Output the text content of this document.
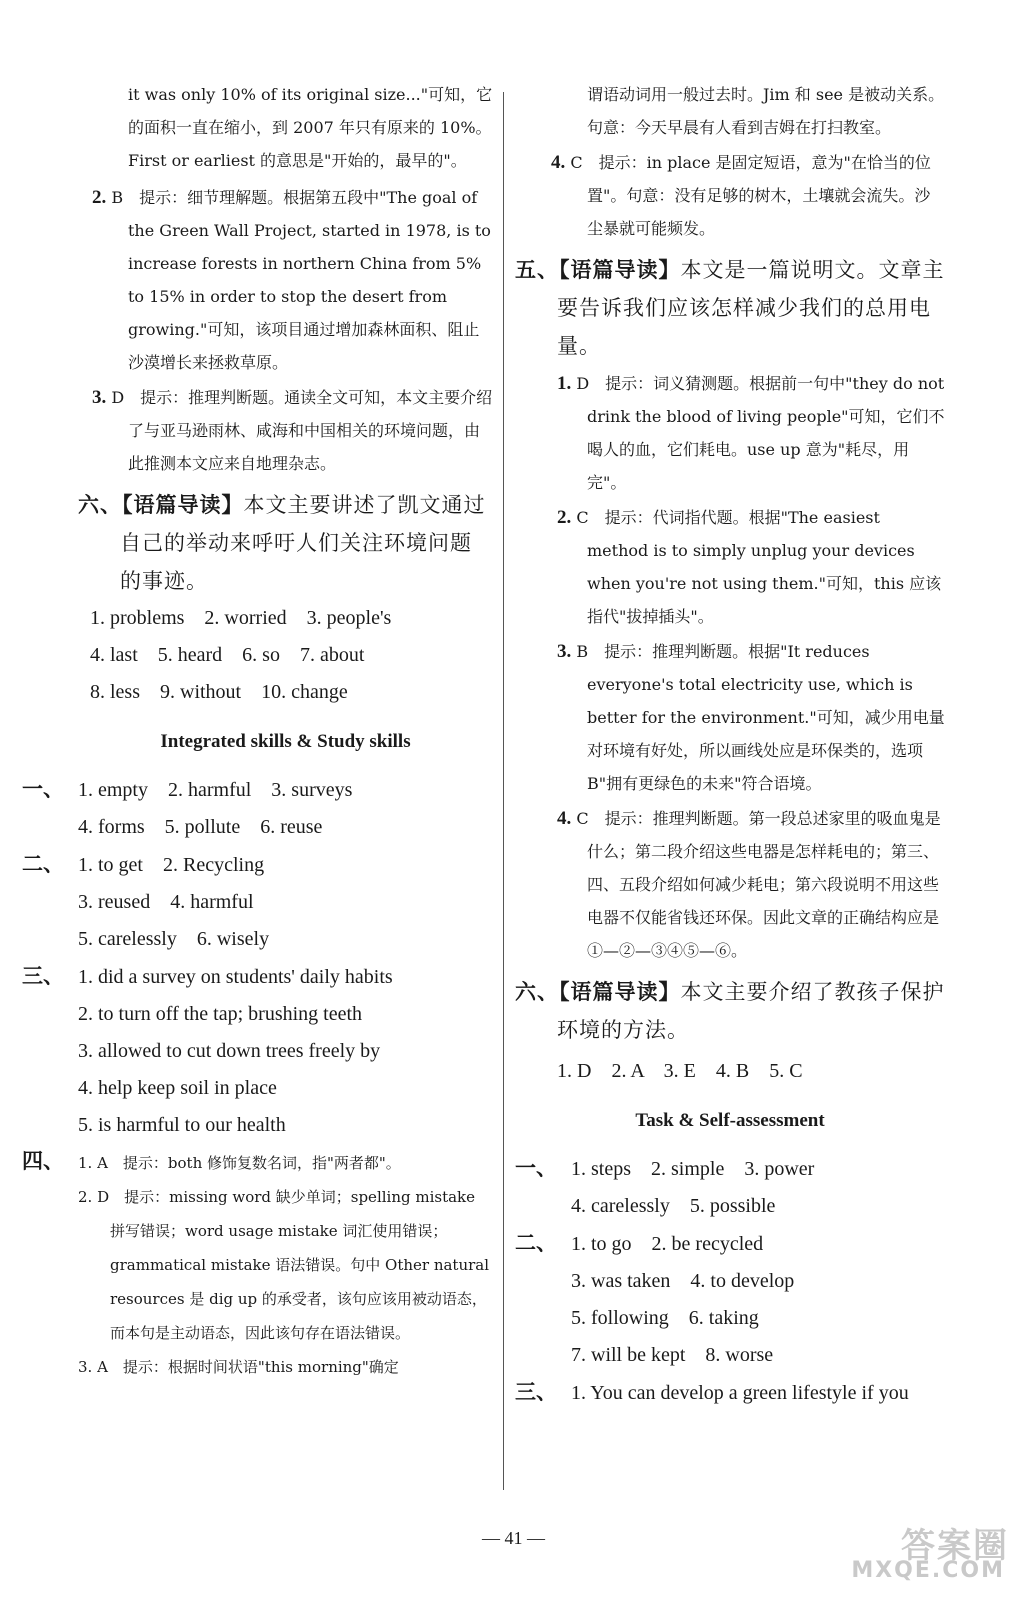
it was only 10% of its original size..."可知，它的面积一直在缩小，到 2007 年只有原来的 10%。First or earliest 的意思是"开始的，最早的"。

2. B　提示：细节理解题。根据第五段中"The goal of the Green Wall Project, started in 1978, is to increase forests in northern China from 5% to 15% in order to stop the desert from growing."可知，该项目通过增加森林面积、阻止沙漠增长来拯救草原。

3. D　提示：推理判断题。通读全文可知，本文主要介绍了与亚马逊雨林、咸海和中国相关的环境问题，由此推测本文应来自地理杂志。

六、【语篇导读】本文主要讲述了凯文通过自己的举动来呼吁人们关注环境问题的事迹。

1. problems　2. worried　3. people's

4. last　5. heard　6. so　7. about

8. less　9. without　10. change

Integrated skills & Study skills

一、 1. empty　2. harmful　3. surveys

4. forms　5. pollute　6. reuse

二、 1. to get　2. Recycling

3. reused　4. harmful

5. carelessly　6. wisely

三、 1. did a survey on students' daily habits

2. to turn off the tap; brushing teeth

3. allowed to cut down trees freely by

4. help keep soil in place

5. is harmful to our health

四、 1. A　提示：both 修饰复数名词，指"两者都"。

2. D　提示：missing word 缺少单词；spelling mistake 拼写错误；word usage mistake 词汇使用错误；grammatical mistake 语法错误。句中 Other natural resources 是 dig up 的承受者，该句应该用被动语态，而本句是主动语态，因此该句存在语法错误。

3. A　提示：根据时间状语"this morning"确定

谓语动词用一般过去时。Jim 和 see 是被动关系。句意：今天早晨有人看到吉姆在打扫教室。

4. C　提示：in place 是固定短语，意为"在恰当的位置"。句意：没有足够的树木，土壤就会流失。沙尘暴就可能频发。

五、【语篇导读】本文是一篇说明文。文章主要告诉我们应该怎样减少我们的总用电量。

1. D　提示：词义猜测题。根据前一句中"they do not drink the blood of living people"可知，它们不喝人的血，它们耗电。use up 意为"耗尽，用完"。

2. C　提示：代词指代题。根据"The easiest method is to simply unplug your devices when you're not using them."可知，this 应该指代"拔掉插头"。

3. B　提示：推理判断题。根据"It reduces everyone's total electricity use, which is better for the environment."可知，减少用电量对环境有好处，所以画线处应是环保类的，选项 B"拥有更绿色的未来"符合语境。

4. C　提示：推理判断题。第一段总述家里的吸血鬼是什么；第二段介绍这些电器是怎样耗电的；第三、四、五段介绍如何减少耗电；第六段说明不用这些电器不仅能省钱还环保。因此文章的正确结构应是①—②—③④⑤—⑥。

六、【语篇导读】本文主要介绍了教孩子保护环境的方法。

1. D　2. A　3. E　4. B　5. C

Task & Self-assessment

一、 1. steps　2. simple　3. power

4. carelessly　5. possible

二、 1. to go　2. be recycled

3. was taken　4. to develop

5. following　6. taking

7. will be kept　8. worse

三、 1. You can develop a green lifestyle if you

— 41 —	答案圈
MXQE.COM
